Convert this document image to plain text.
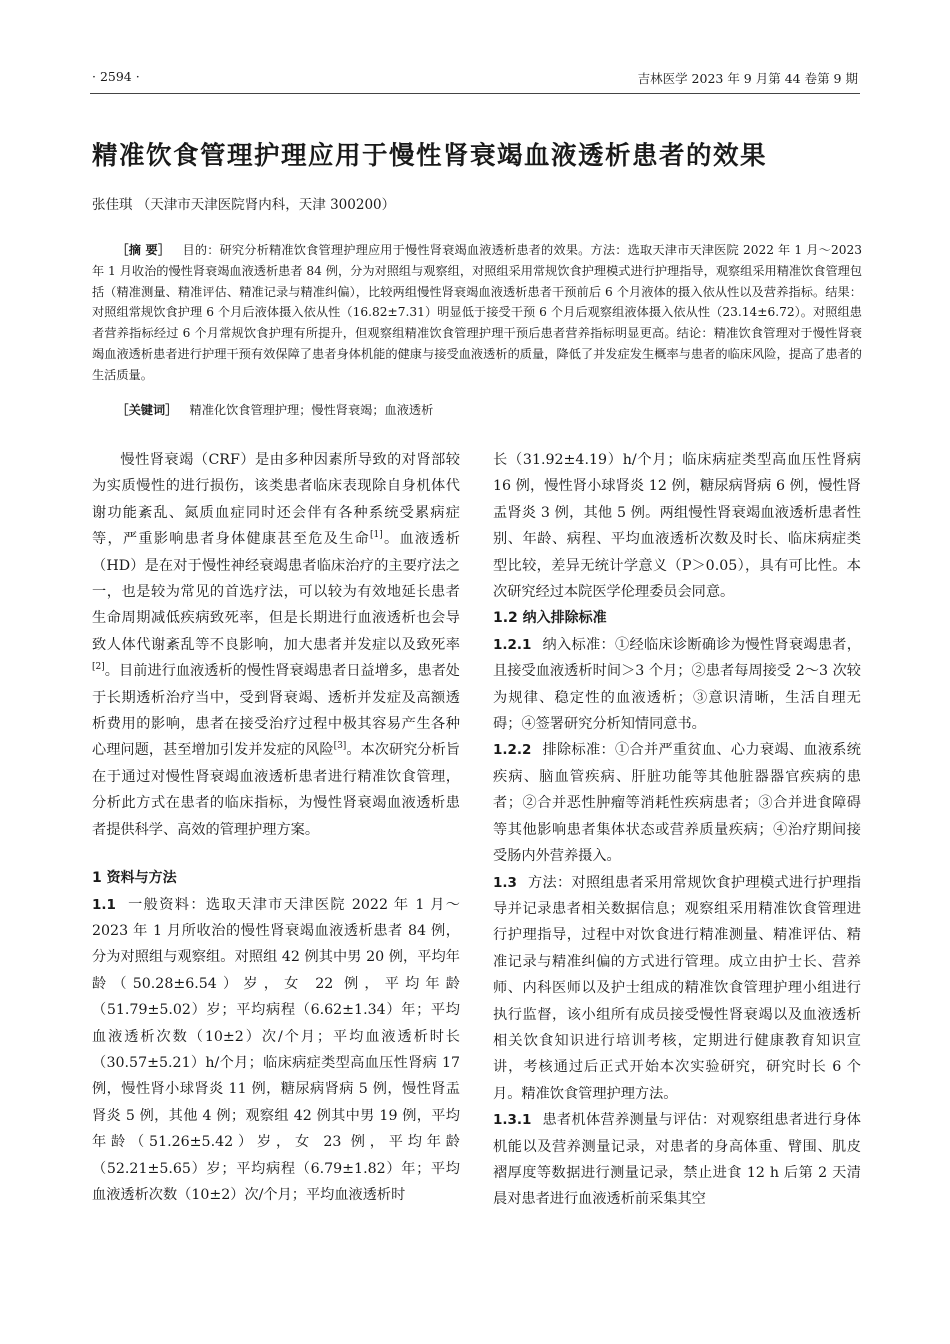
· 2594 ·	吉林医学 2023 年 9 月第 44 卷第 9 期
精准饮食管理护理应用于慢性肾衰竭血液透析患者的效果
张佳琪 （天津市天津医院肾内科，天津 300200）

［摘 要］ 目的：研究分析精准饮食管理护理应用于慢性肾衰竭血液透析患者的效果。方法：选取天津市天津医院 2022 年 1 月～2023 年 1 月收治的慢性肾衰竭血液透析患者 84 例，分为对照组与观察组，对照组采用常规饮食护理模式进行护理指导，观察组采用精准饮食管理包括（精准测量、精准评估、精准记录与精准纠偏），比较两组慢性肾衰竭血液透析患者干预前后 6 个月液体的摄入依从性以及营养指标。结果：对照组常规饮食护理 6 个月后液体摄入依从性（16.82±7.31）明显低于接受干预 6 个月后观察组液体摄入依从性（23.14±6.72）。对照组患者营养指标经过 6 个月常规饮食护理有所提升，但观察组精准饮食管理护理干预后患者营养指标明显更高。结论：精准饮食管理对于慢性肾衰竭血液透析患者进行护理干预有效保障了患者身体机能的健康与接受血液透析的质量，降低了并发症发生概率与患者的临床风险，提高了患者的生活质量。

［关键词］ 精准化饮食管理护理；慢性肾衰竭；血液透析

慢性肾衰竭（CRF）是由多种因素所导致的对肾部较为实质慢性的进行损伤，该类患者临床表现除自身机体代谢功能紊乱、氮质血症同时还会伴有各种系统受累病症等，严重影响患者身体健康甚至危及生命[1]。血液透析（HD）是在对于慢性神经衰竭患者临床治疗的主要疗法之一，也是较为常见的首选疗法，可以较为有效地延长患者生命周期减低疾病致死率，但是长期进行血液透析也会导致人体代谢紊乱等不良影响，加大患者并发症以及致死率[2]。目前进行血液透析的慢性肾衰竭患者日益增多，患者处于长期透析治疗当中，受到肾衰竭、透析并发症及高额透析费用的影响，患者在接受治疗过程中极其容易产生各种心理问题，甚至增加引发并发症的风险[3]。本次研究分析旨在于通过对慢性肾衰竭血液透析患者进行精准饮食管理，分析此方式在患者的临床指标，为慢性肾衰竭血液透析患者提供科学、高效的管理护理方案。

1 资料与方法

1.1 一般资料：选取天津市天津医院 2022 年 1 月～2023 年 1 月所收治的慢性肾衰竭血液透析患者 84 例，分为对照组与观察组。对照组 42 例其中男 20 例，平均年龄（50.28±6.54）岁，女 22 例，平均年龄（51.79±5.02）岁；平均病程（6.62±1.34）年；平均血液透析次数（10±2）次/个月；平均血液透析时长（30.57±5.21）h/个月；临床病症类型高血压性肾病 17 例，慢性肾小球肾炎 11 例，糖尿病肾病 5 例，慢性肾盂肾炎 5 例，其他 4 例；观察组 42 例其中男 19 例，平均年龄（51.26±5.42）岁，女 23 例，平均年龄（52.21±5.65）岁；平均病程（6.79±1.82）年；平均血液透析次数（10±2）次/个月；平均血液透析时

长（31.92±4.19）h/个月；临床病症类型高血压性肾病 16 例，慢性肾小球肾炎 12 例，糖尿病肾病 6 例，慢性肾盂肾炎 3 例，其他 5 例。两组慢性肾衰竭血液透析患者性别、年龄、病程、平均血液透析次数及时长、临床病症类型比较，差异无统计学意义（P＞0.05），具有可比性。本次研究经过本院医学伦理委员会同意。

1.2 纳入排除标准

1.2.1 纳入标准：①经临床诊断确诊为慢性肾衰竭患者，且接受血液透析时间＞3 个月；②患者每周接受 2～3 次较为规律、稳定性的血液透析；③意识清晰，生活自理无碍；④签署研究分析知情同意书。

1.2.2 排除标准：①合并严重贫血、心力衰竭、血液系统疾病、脑血管疾病、肝脏功能等其他脏器器官疾病的患者；②合并恶性肿瘤等消耗性疾病患者；③合并进食障碍等其他影响患者集体状态或营养质量疾病；④治疗期间接受肠内外营养摄入。

1.3 方法：对照组患者采用常规饮食护理模式进行护理指导并记录患者相关数据信息；观察组采用精准饮食管理进行护理指导，过程中对饮食进行精准测量、精准评估、精准记录与精准纠偏的方式进行管理。成立由护士长、营养师、内科医师以及护士组成的精准饮食管理护理小组进行执行监督，该小组所有成员接受慢性肾衰竭以及血液透析相关饮食知识进行培训考核，定期进行健康教育知识宣讲，考核通过后正式开始本次实验研究，研究时长 6 个月。精准饮食管理护理方法。

1.3.1 患者机体营养测量与评估：对观察组患者进行身体机能以及营养测量记录，对患者的身高体重、臂围、肌皮褶厚度等数据进行测量记录，禁止进食 12 h 后第 2 天清晨对患者进行血液透析前采集其空
